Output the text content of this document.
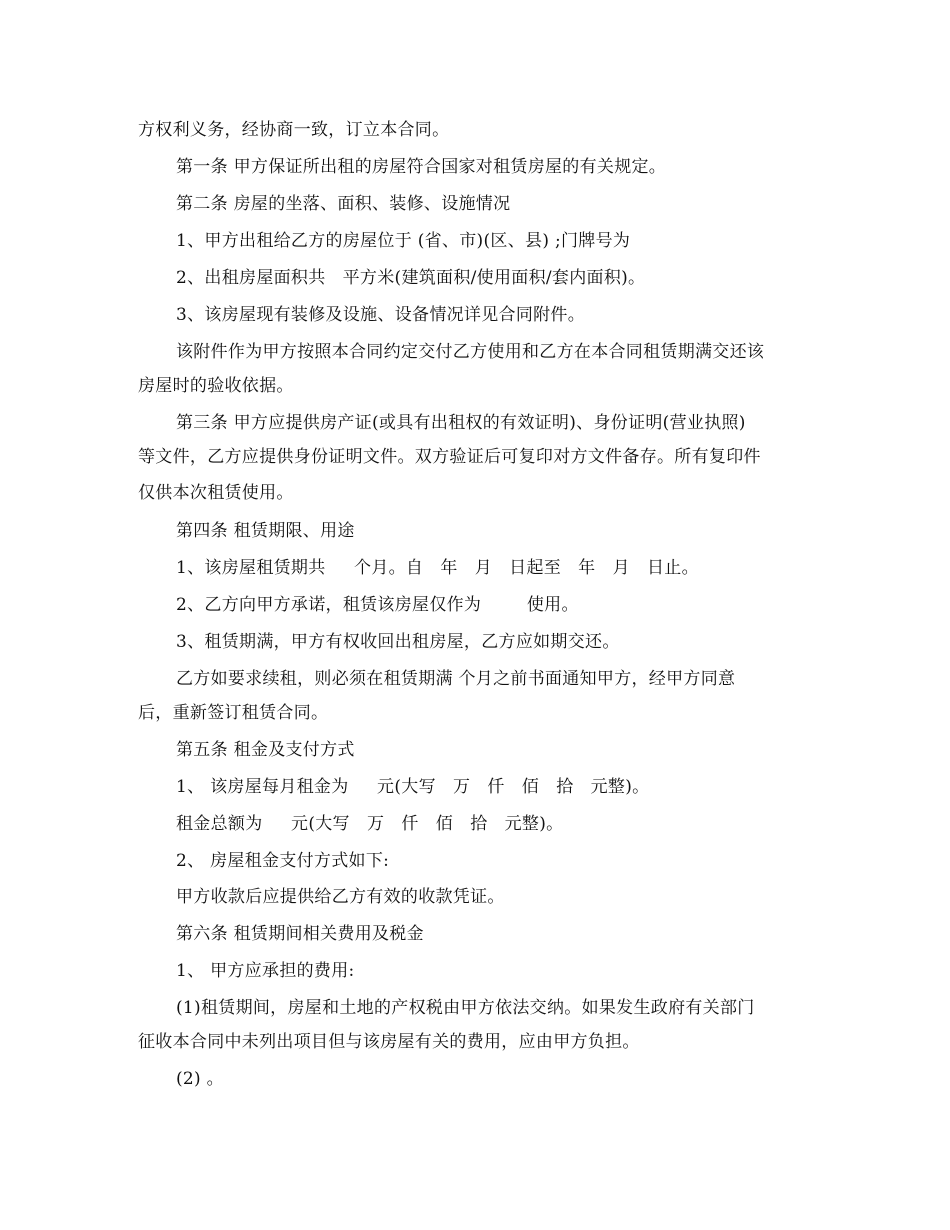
方权利义务，经协商一致，订立本合同。
第一条 甲方保证所出租的房屋符合国家对租赁房屋的有关规定。
第二条 房屋的坐落、面积、装修、设施情况
1、甲方出租给乙方的房屋位于 (省、市)(区、县) ;门牌号为
2、出租房屋面积共   平方米(建筑面积/使用面积/套内面积)。
3、该房屋现有装修及设施、设备情况详见合同附件。
该附件作为甲方按照本合同约定交付乙方使用和乙方在本合同租赁期满交还该
房屋时的验收依据。
第三条 甲方应提供房产证(或具有出租权的有效证明)、身份证明(营业执照)
等文件，乙方应提供身份证明文件。双方验证后可复印对方文件备存。所有复印件
仅供本次租赁使用。
第四条 租赁期限、用途
1、该房屋租赁期共     个月。自   年   月   日起至   年   月   日止。
2、乙方向甲方承诺，租赁该房屋仅作为        使用。
3、租赁期满，甲方有权收回出租房屋，乙方应如期交还。
乙方如要求续租，则必须在租赁期满 个月之前书面通知甲方，经甲方同意
后，重新签订租赁合同。
第五条 租金及支付方式
1、 该房屋每月租金为     元(大写   万   仟   佰   拾   元整)。
租金总额为     元(大写   万   仟   佰   拾   元整)。
2、 房屋租金支付方式如下:
甲方收款后应提供给乙方有效的收款凭证。
第六条 租赁期间相关费用及税金
1、 甲方应承担的费用:
(1)租赁期间，房屋和土地的产权税由甲方依法交纳。如果发生政府有关部门
征收本合同中未列出项目但与该房屋有关的费用，应由甲方负担。
(2) 。
